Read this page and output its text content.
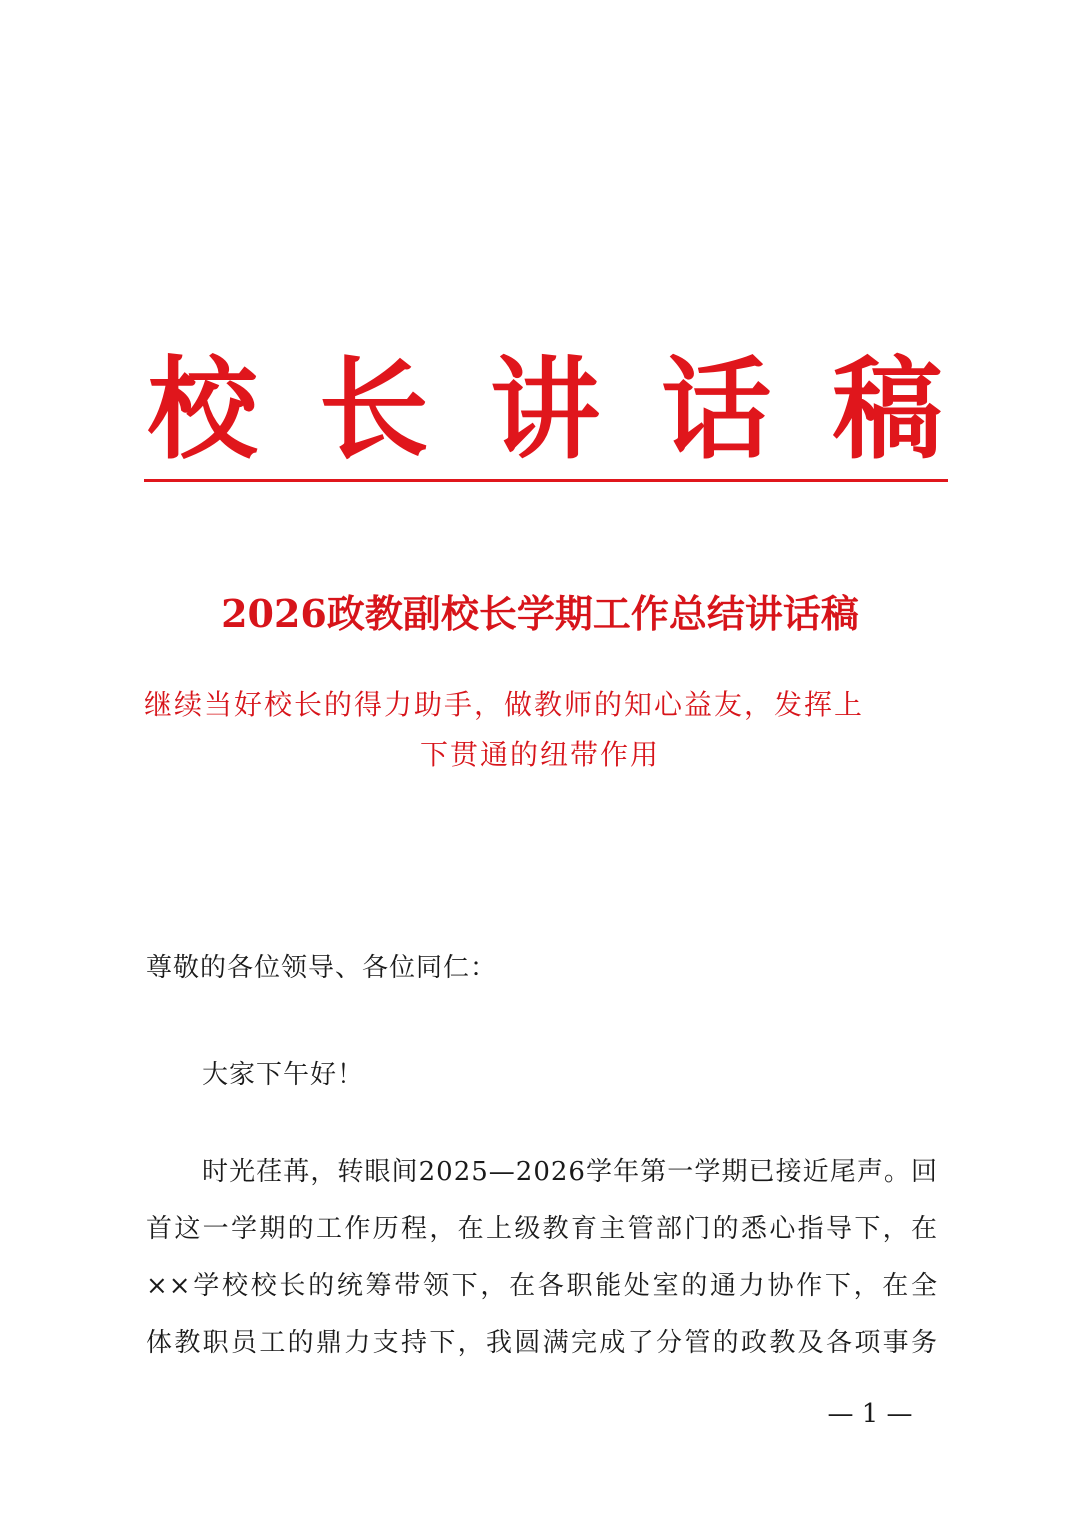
校 长 讲 话 稿
2026政教副校长学期工作总结讲话稿
继续当好校长的得力助手，做教师的知心益友，发挥上
下贯通的纽带作用
尊敬的各位领导、各位同仁：
大家下午好！
时光荏苒，转眼间2025—2026学年第一学期已接近尾声。回
首这一学期的工作历程，在上级教育主管部门的悉心指导下，在
××学校校长的统筹带领下，在各职能处室的通力协作下，在全
体教职员工的鼎力支持下，我圆满完成了分管的政教及各项事务
— 1 —
